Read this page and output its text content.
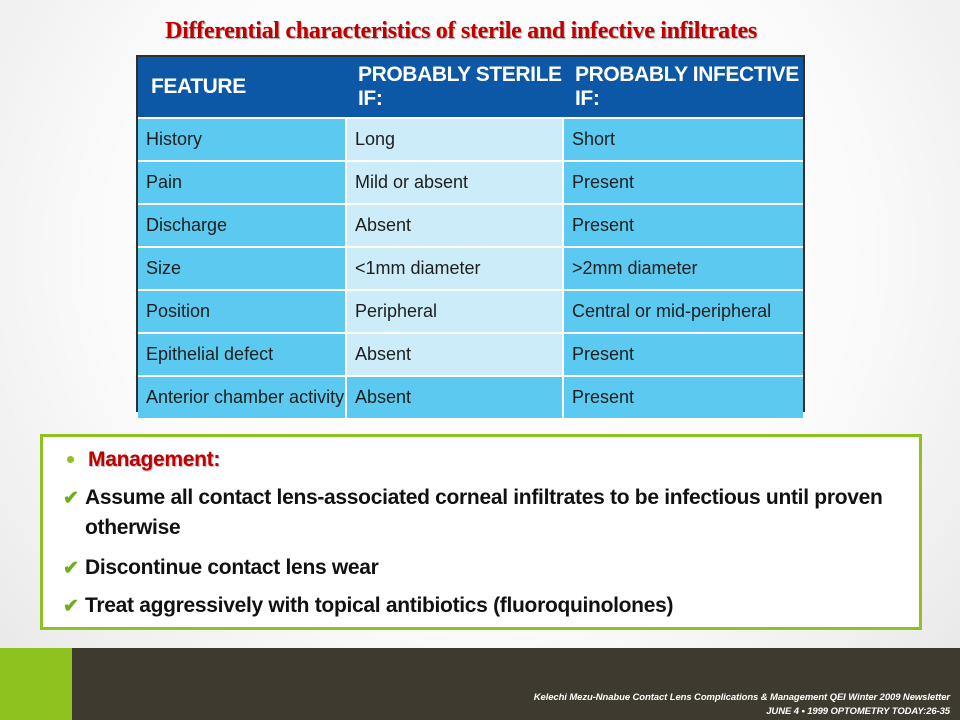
Differential characteristics of sterile and infective infiltrates
FEATURE	PROBABLY STERILE IF:	PROBABLY INFECTIVE IF:
History	Long	Short
Pain	Mild or absent	Present
Discharge	Absent	Present
Size	<1mm diameter	>2mm diameter
Position	Peripheral	Central or mid-peripheral
Epithelial defect	Absent	Present
Anterior chamber activity	Absent	Present
Management:
✔ Assume all contact lens-associated corneal infiltrates to be infectious until proven otherwise
✔ Discontinue contact lens wear
✔ Treat aggressively with topical antibiotics (fluoroquinolones)
Kelechi Mezu-Nnabue Contact Lens Complications & Management QEI Winter 2009 Newsletter
JUNE 4 • 1999 OPTOMETRY TODAY:26-35
